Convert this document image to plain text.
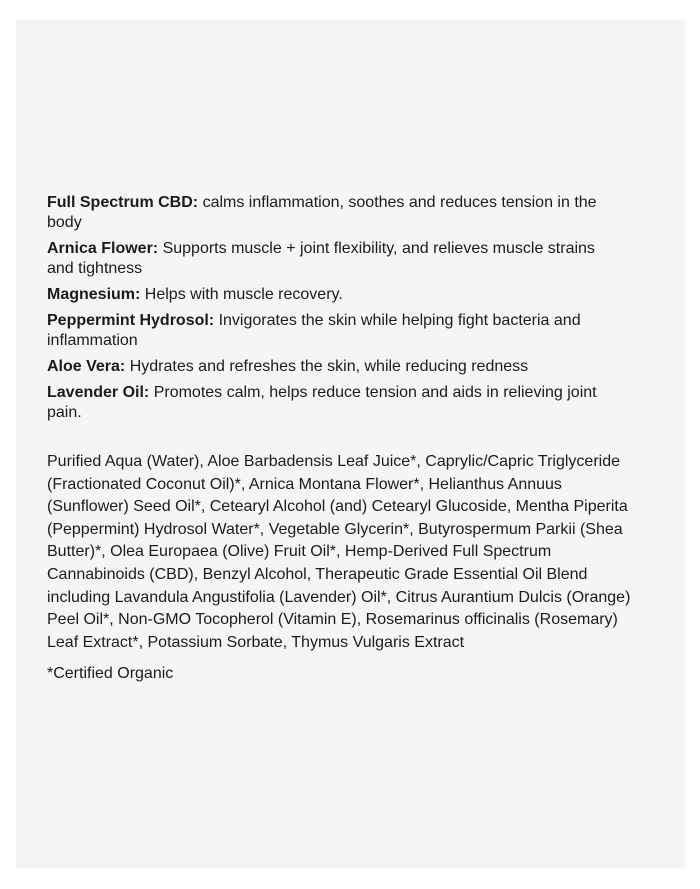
Full Spectrum CBD: calms inflammation, soothes and reduces tension in the body

Arnica Flower: Supports muscle + joint flexibility, and relieves muscle strains and tightness

Magnesium: Helps with muscle recovery.

Peppermint Hydrosol: Invigorates the skin while helping fight bacteria and inflammation

Aloe Vera: Hydrates and refreshes the skin, while reducing redness

Lavender Oil: Promotes calm, helps reduce tension and aids in relieving joint pain.

Purified Aqua (Water), Aloe Barbadensis Leaf Juice*, Caprylic/Capric Triglyceride (Fractionated Coconut Oil)*, Arnica Montana Flower*, Helianthus Annuus (Sunflower) Seed Oil*, Cetearyl Alcohol (and) Cetearyl Glucoside, Mentha Piperita (Peppermint) Hydrosol Water*, Vegetable Glycerin*, Butyrospermum Parkii (Shea Butter)*, Olea Europaea (Olive) Fruit Oil*, Hemp-Derived Full Spectrum Cannabinoids (CBD), Benzyl Alcohol, Therapeutic Grade Essential Oil Blend including Lavandula Angustifolia (Lavender) Oil*, Citrus Aurantium Dulcis (Orange) Peel Oil*, Non-GMO Tocopherol (Vitamin E), Rosemarinus officinalis (Rosemary) Leaf Extract*, Potassium Sorbate, Thymus Vulgaris Extract

*Certified Organic
